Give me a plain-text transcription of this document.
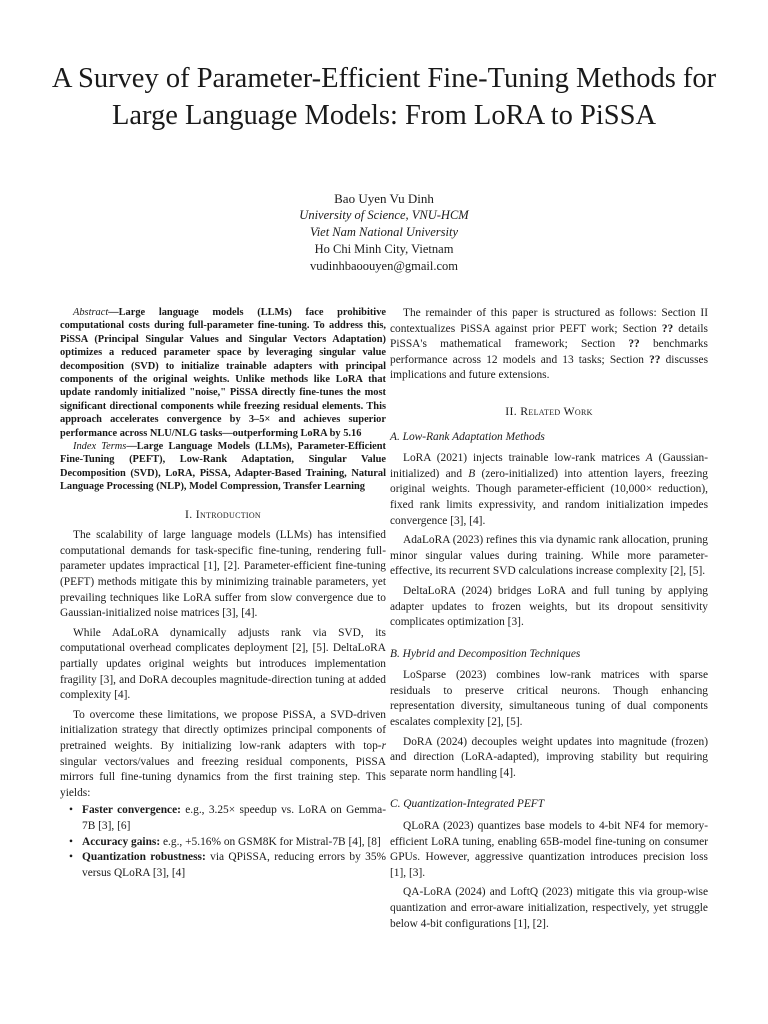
A Survey of Parameter-Efficient Fine-Tuning Methods for Large Language Models: From LoRA to PiSSA
Bao Uyen Vu Dinh
University of Science, VNU-HCM
Viet Nam National University
Ho Chi Minh City, Vietnam
vudinhbaoouyen@gmail.com

Abstract—Large language models (LLMs) face prohibitive computational costs during full-parameter fine-tuning. To address this, PiSSA (Principal Singular Values and Singular Vectors Adaptation) optimizes a reduced parameter space by leveraging singular value decomposition (SVD) to initialize trainable adapters with principal components of the original weights. Unlike methods like LoRA that update randomly initialized "noise," PiSSA directly fine-tunes the most significant directional components while freezing residual elements. This approach accelerates convergence by 3–5× and achieves superior performance across NLU/NLG tasks—outperforming LoRA by 5.16

Index Terms—Large Language Models (LLMs), Parameter-Efficient Fine-Tuning (PEFT), Low-Rank Adaptation, Singular Value Decomposition (SVD), LoRA, PiSSA, Adapter-Based Training, Natural Language Processing (NLP), Model Compression, Transfer Learning

I. Introduction

The scalability of large language models (LLMs) has intensified computational demands for task-specific fine-tuning, rendering full-parameter updates impractical [1], [2]. Parameter-efficient fine-tuning (PEFT) methods mitigate this by minimizing trainable parameters, yet prevailing techniques like LoRA suffer from slow convergence due to Gaussian-initialized noise matrices [3], [4].

While AdaLoRA dynamically adjusts rank via SVD, its computational overhead complicates deployment [2], [5]. DeltaLoRA partially updates original weights but introduces implementation fragility [3], and DoRA decouples magnitude-direction tuning at added complexity [4].

To overcome these limitations, we propose PiSSA, a SVD-driven initialization strategy that directly optimizes principal components of pretrained weights. By initializing low-rank adapters with top-r singular vectors/values and freezing residual components, PiSSA mirrors full fine-tuning dynamics from the first training step. This yields:

• Faster convergence: e.g., 3.25× speedup vs. LoRA on Gemma-7B [3], [6]
• Accuracy gains: e.g., +5.16% on GSM8K for Mistral-7B [4], [8]
• Quantization robustness: via QPiSSA, reducing errors by 35% versus QLoRA [3], [4]

The remainder of this paper is structured as follows: Section II contextualizes PiSSA against prior PEFT work; Section ?? details PiSSA's mathematical framework; Section ?? benchmarks performance across 12 models and 13 tasks; Section ?? discusses implications and future extensions.

II. Related Work
A. Low-Rank Adaptation Methods

LoRA (2021) injects trainable low-rank matrices A (Gaussian-initialized) and B (zero-initialized) into attention layers, freezing original weights. Though parameter-efficient (10,000× reduction), fixed rank limits expressivity, and random initialization impedes convergence [3], [4].

AdaLoRA (2023) refines this via dynamic rank allocation, pruning minor singular values during training. While more parameter-effective, its recurrent SVD calculations increase complexity [2], [5].

DeltaLoRA (2024) bridges LoRA and full tuning by applying adapter updates to frozen weights, but its dropout sensitivity complicates optimization [3].

B. Hybrid and Decomposition Techniques

LoSparse (2023) combines low-rank matrices with sparse residuals to preserve critical neurons. Though enhancing representation diversity, simultaneous tuning of dual components escalates complexity [2], [5].

DoRA (2024) decouples weight updates into magnitude (frozen) and direction (LoRA-adapted), improving stability but requiring separate norm handling [4].

C. Quantization-Integrated PEFT

QLoRA (2023) quantizes base models to 4-bit NF4 for memory-efficient LoRA tuning, enabling 65B-model fine-tuning on consumer GPUs. However, aggressive quantization introduces precision loss [1], [3].

QA-LoRA (2024) and LoftQ (2023) mitigate this via group-wise quantization and error-aware initialization, respectively, yet struggle below 4-bit configurations [1], [2].
